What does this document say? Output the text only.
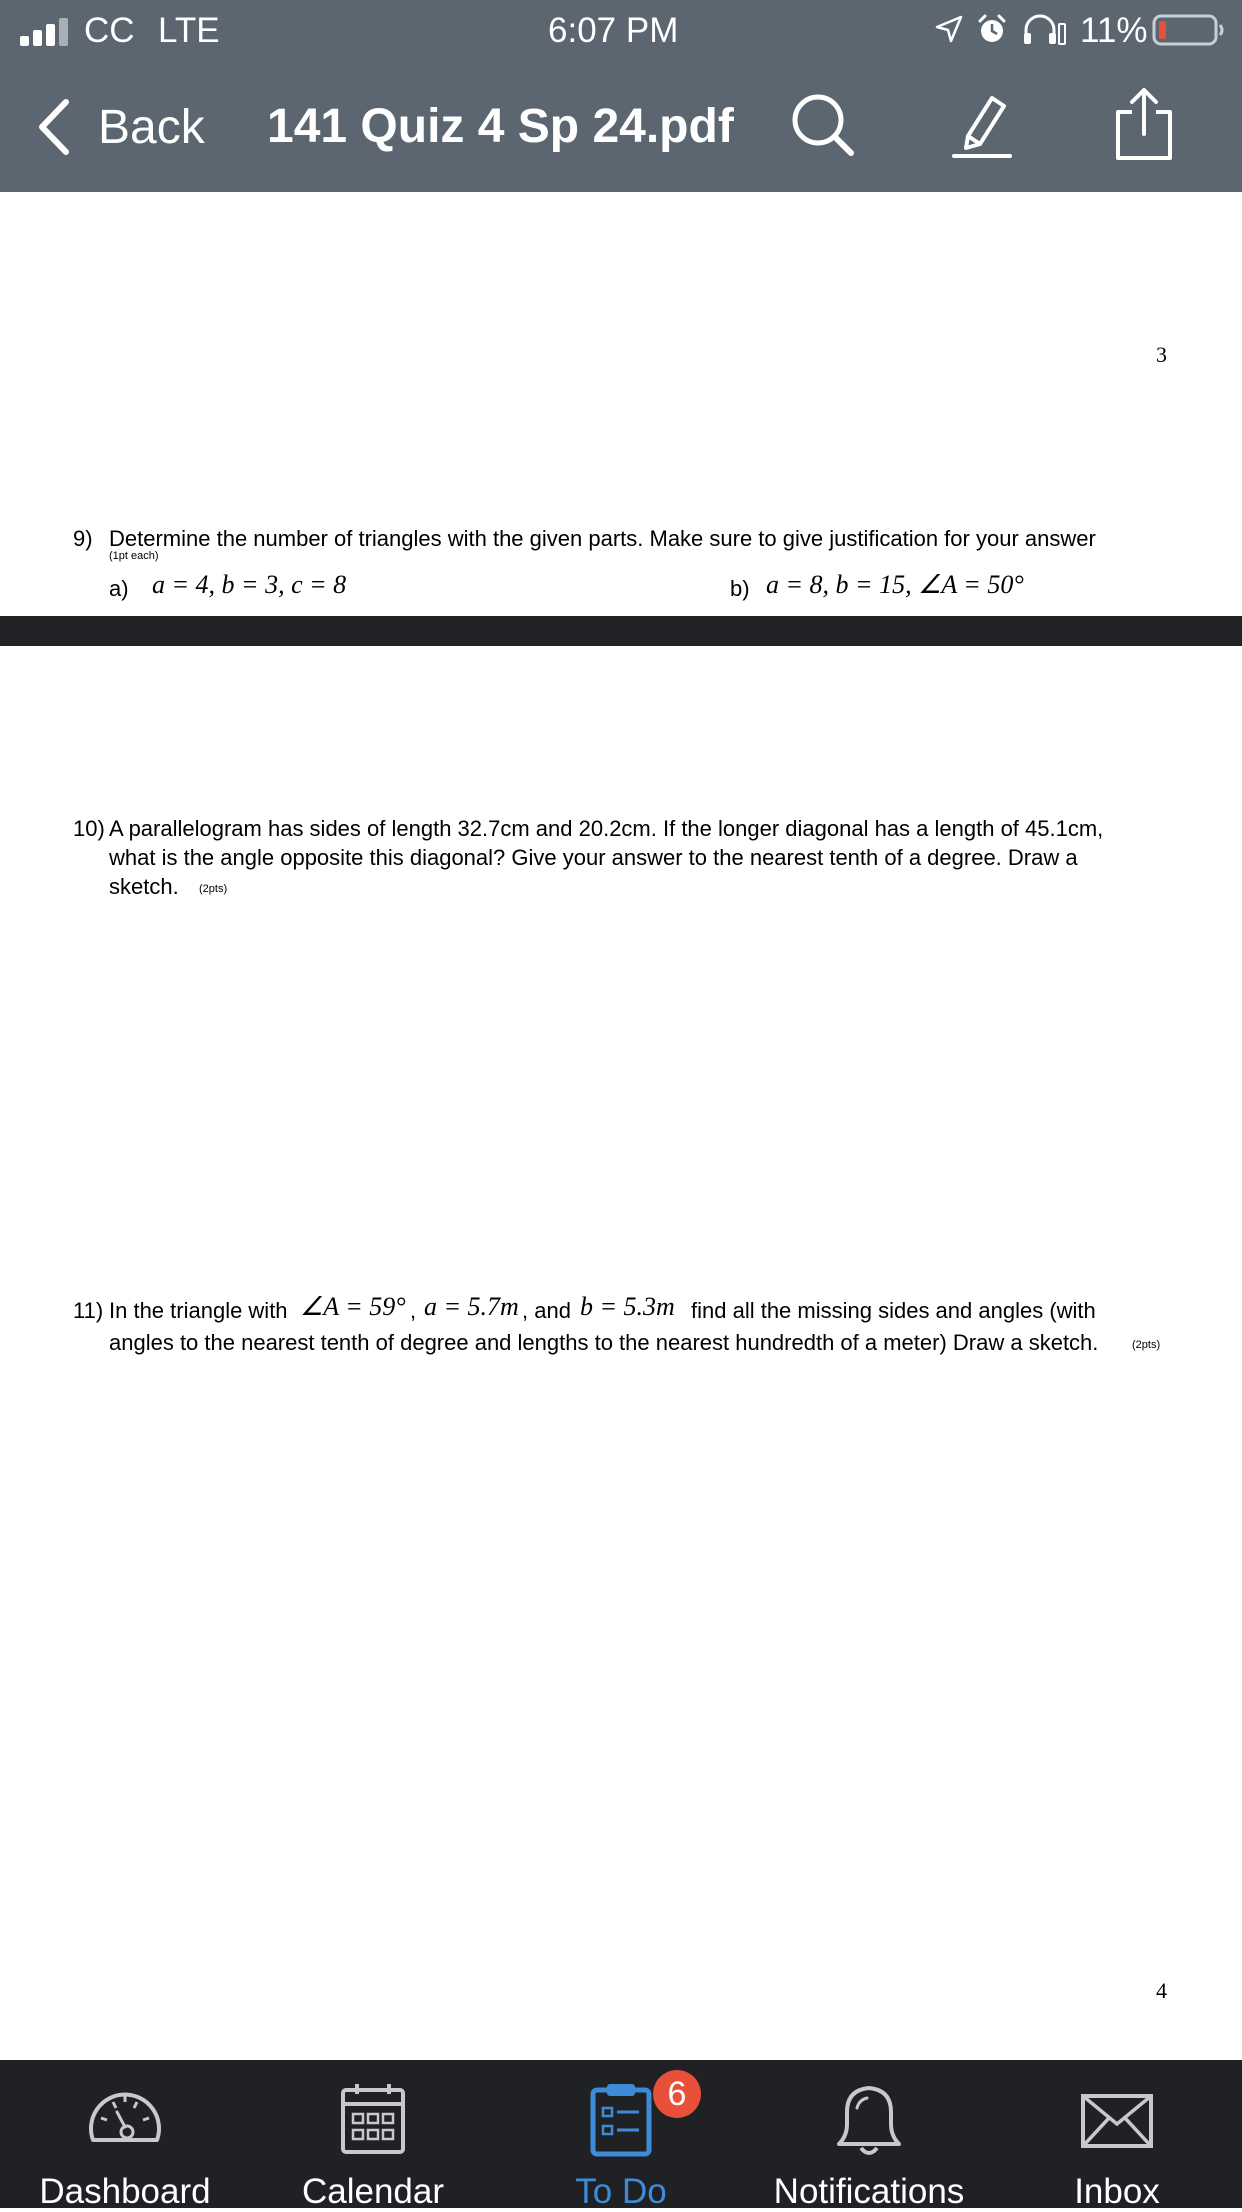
CC LTE	6:07 PM	11%
Back 141 Quiz 4 Sp 24.pdf
3
9) Determine the number of triangles with the given parts. Make sure to give justification for your answer
(1pt each)
a) a = 4, b = 3, c = 8	b) a = 8, b = 15, ∠A = 50°
10) A parallelogram has sides of length 32.7cm and 20.2cm. If the longer diagonal has a length of 45.1cm,
what is the angle opposite this diagonal? Give your answer to the nearest tenth of a degree. Draw a
sketch. (2pts)
11) In the triangle with ∠A = 59° , a = 5.7m , and b = 5.3m find all the missing sides and angles (with
angles to the nearest tenth of degree and lengths to the nearest hundredth of a meter) Draw a sketch.	(2pts)
4
Dashboard	Calendar
6
To Do	Notifications	Inbox
